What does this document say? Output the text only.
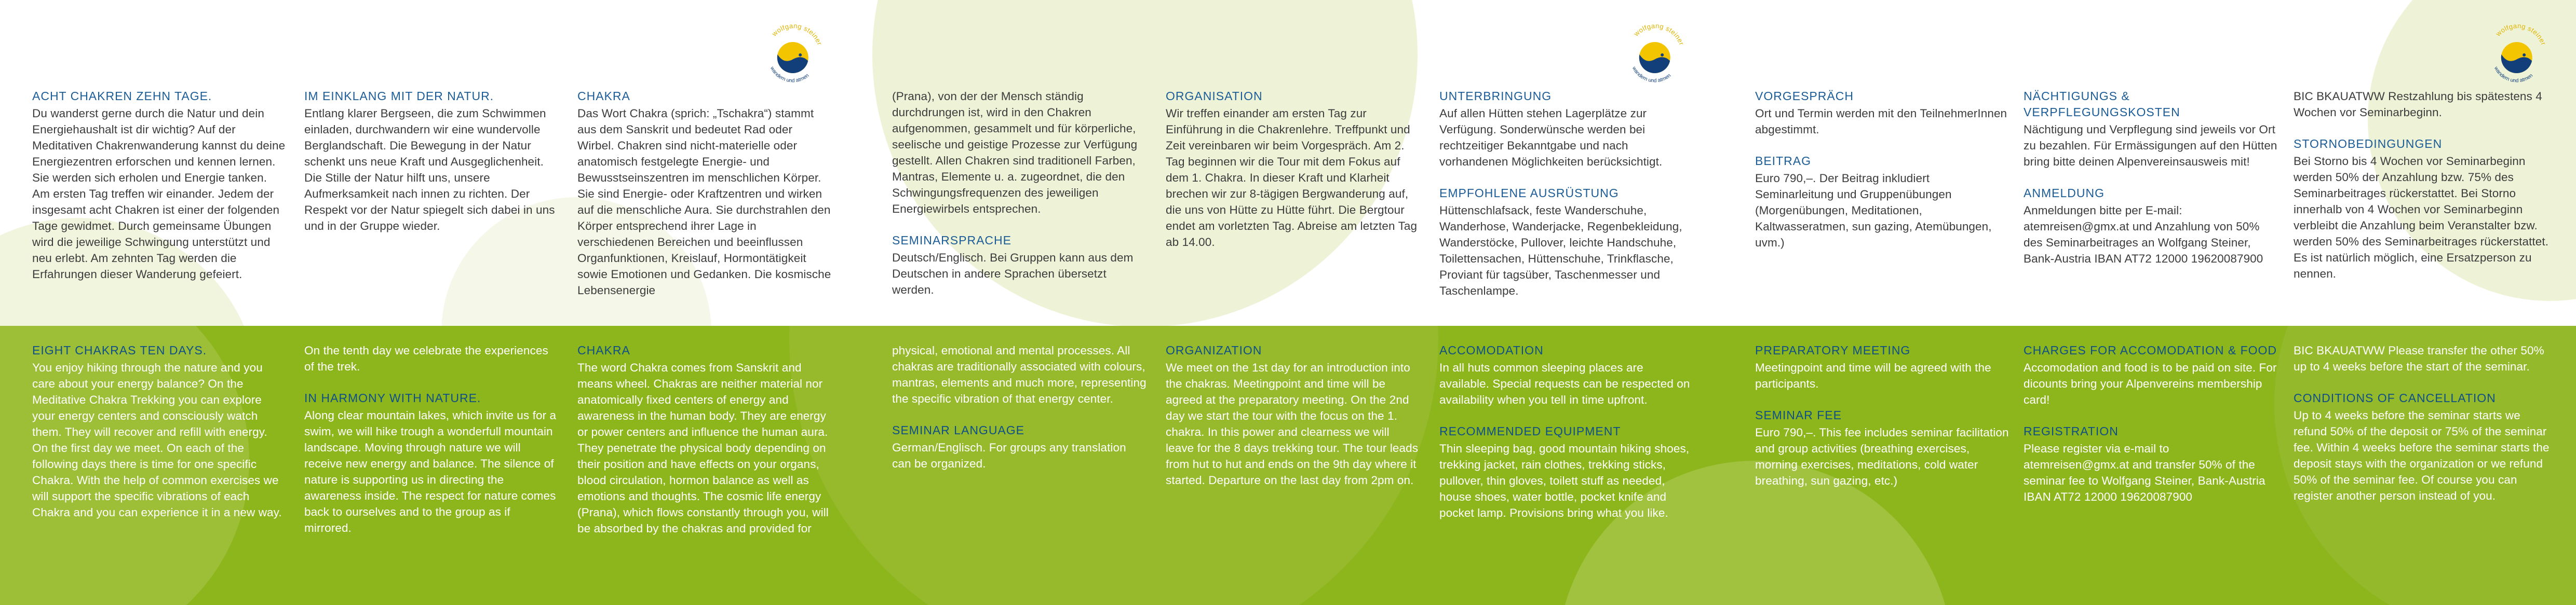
wolfgang steiner
wandern und atmen
wolfgang steiner
wandern und atmen
wolfgang steiner
wandern und atmen
ACHT CHAKREN ZEHN TAGE.
Du wanderst gerne durch die Natur und dein Energiehaushalt ist dir wichtig? Auf der Meditativen Chakrenwanderung kannst du deine Energiezentren erforschen und kennen lernen. Sie werden sich erholen und Energie tanken. Am ersten Tag treffen wir einander. Jedem der insgesamt acht Chakren ist einer der folgenden Tage gewidmet. Durch gemeinsame Übungen wird die jeweilige Schwingung unterstützt und neu erlebt. Am zehnten Tag werden die Erfahrungen dieser Wanderung gefeiert.
IM EINKLANG MIT DER NATUR.
Entlang klarer Bergseen, die zum Schwimmen einladen, durchwandern wir eine wundervolle Berglandschaft. Die Bewegung in der Natur schenkt uns neue Kraft und Ausgeglichenheit. Die Stille der Natur hilft uns, unsere Aufmerksamkeit nach innen zu richten. Der Respekt vor der Natur spiegelt sich dabei in uns und in der Gruppe wieder.
CHAKRA
Das Wort Chakra (sprich: „Tschakra“) stammt aus dem Sanskrit und bedeutet Rad oder Wirbel. Chakren sind nicht-materielle oder anatomisch festgelegte Energie- und Bewusstseinszentren im menschlichen Körper. Sie sind Energie- oder Kraftzentren und wirken auf die menschliche Aura. Sie durchstrahlen den Körper entsprechend ihrer Lage in verschiedenen Bereichen und beeinflussen Organfunktionen, Kreislauf, Hormontätigkeit sowie Emotionen und Gedanken. Die kosmische Lebensenergie
(Prana), von der der Mensch ständig durchdrungen ist, wird in den Chakren aufgenommen, gesammelt und für körperliche, seelische und geistige Prozesse zur Verfügung gestellt. Allen Chakren sind traditionell Farben, Mantras, Elemente u. a. zugeordnet, die den Schwingungsfrequenzen des jeweiligen Energiewirbels entsprechen.
SEMINARSPRACHE
Deutsch/Englisch. Bei Gruppen kann aus dem Deutschen in andere Sprachen übersetzt werden.
ORGANISATION
Wir treffen einander am ersten Tag zur Einführung in die Chakrenlehre. Treffpunkt und Zeit vereinbaren wir beim Vorgespräch. Am 2. Tag beginnen wir die Tour mit dem Fokus auf dem 1. Chakra. In dieser Kraft und Klarheit brechen wir zur 8-tägigen Bergwanderung auf, die uns von Hütte zu Hütte führt. Die Bergtour endet am vorletzten Tag. Abreise am letzten Tag ab 14.00.
UNTERBRINGUNG
Auf allen Hütten stehen Lagerplätze zur Verfügung. Sonderwünsche werden bei rechtzeitiger Bekanntgabe und nach vorhandenen Möglichkeiten berücksichtigt.
EMPFOHLENE AUSRÜSTUNG
Hüttenschlafsack, feste Wanderschuhe, Wanderhose, Wanderjacke, Regenbekleidung, Wanderstöcke, Pullover, leichte Handschuhe, Toilettensachen, Hüttenschuhe, Trinkflasche, Proviant für tagsüber, Taschenmesser und Taschenlampe.
VORGESPRÄCH
Ort und Termin werden mit den TeilnehmerInnen abgestimmt.
BEITRAG
Euro 790,–. Der Beitrag inkludiert Seminarleitung und Gruppenübungen (Morgenübungen, Meditationen, Kaltwasseratmen, sun gazing, Atemübungen, uvm.)
NÄCHTIGUNGS & VERPFLEGUNGSKOSTEN
Nächtigung und Verpflegung sind jeweils vor Ort zu bezahlen. Für Ermässigungen auf den Hütten bring bitte deinen Alpenvereinsausweis mit!
ANMELDUNG
Anmeldungen bitte per E-mail: atemreisen@gmx.at und Anzahlung von 50% des Seminarbeitrages an Wolfgang Steiner, Bank-Austria IBAN AT72 12000 19620087900
BIC BKAUATWW Restzahlung bis spätestens 4 Wochen vor Seminarbeginn.
STORNOBEDINGUNGEN
Bei Storno bis 4 Wochen vor Seminarbeginn werden 50% der Anzahlung bzw. 75% des Seminarbeitrages rückerstattet. Bei Storno innerhalb von 4 Wochen vor Seminarbeginn verbleibt die Anzahlung beim Veranstalter bzw. werden 50% des Seminarbeitrages rückerstattet. Es ist natürlich möglich, eine Ersatzperson zu nennen.
EIGHT CHAKRAS TEN DAYS.
You enjoy hiking through the nature and you care about your energy balance? On the Meditative Chakra Trekking you can explore your energy centers and consciously watch them. They will recover and refill with energy. On the first day we meet. On each of the following days there is time for one specific Chakra. With the help of common exercises we will support the specific vibrations of each Chakra and you can experience it in a new way.
On the tenth day we celebrate the experiences of the trek.
IN HARMONY WITH NATURE.
Along clear mountain lakes, which invite us for a swim, we will hike trough a wonderfull mountain landscape. Moving through nature we will receive new energy and balance. The silence of nature is supporting us in directing the awareness inside. The respect for nature comes back to ourselves and to the group as if mirrored.
CHAKRA
The word Chakra comes from Sanskrit and means wheel. Chakras are neither material nor anatomically fixed centers of energy and awareness in the human body. They are energy or power centers and influence the human aura. They penetrate the physical body depending on their position and have effects on your organs, blood circulation, hormon balance as well as emotions and thoughts. The cosmic life energy (Prana), which flows constantly through you, will be absorbed by the chakras and provided for
physical, emotional and mental processes. All chakras are traditionally associated with colours, mantras, elements and much more, representing the specific vibration of that energy center.
SEMINAR LANGUAGE
German/Englisch. For groups any translation can be organized.
ORGANIZATION
We meet on the 1st day for an introduction into the chakras. Meetingpoint and time will be agreed at the preparatory meeting. On the 2nd day we start the tour with the focus on the 1. chakra. In this power and clearness we will leave for the 8 days trekking tour. The tour leads from hut to hut and ends on the 9th day where it started. Departure on the last day from 2pm on.
ACCOMODATION
In all huts common sleeping places are available. Special requests can be respected on availability when you tell in time upfront.
RECOMMENDED EQUIPMENT
Thin sleeping bag, good mountain hiking shoes, trekking jacket, rain clothes, trekking sticks, pullover, thin gloves, toilett stuff as needed, house shoes, water bottle, pocket knife and pocket lamp. Provisions bring what you like.
PREPARATORY MEETING
Meetingpoint and time will be agreed with the participants.
SEMINAR FEE
Euro 790,–. This fee includes seminar facilitation and group activities (breathing exercises, morning exercises, meditations, cold water breathing, sun gazing, etc.)
CHARGES FOR ACCOMODATION & FOOD
Accomodation and food is to be paid on site. For dicounts bring your Alpenvereins membership card!
REGISTRATION
Please register via e-mail to atemreisen@gmx.at and transfer 50% of the seminar fee to Wolfgang Steiner, Bank-Austria IBAN AT72 12000 19620087900
BIC BKAUATWW Please transfer the other 50% up to 4 weeks before the start of the seminar.
CONDITIONS OF CANCELLATION
Up to 4 weeks before the seminar starts we refund 50% of the deposit or 75% of the seminar fee. Within 4 weeks before the seminar starts the deposit stays with the organization or we refund 50% of the seminar fee. Of course you can register another person instead of you.
